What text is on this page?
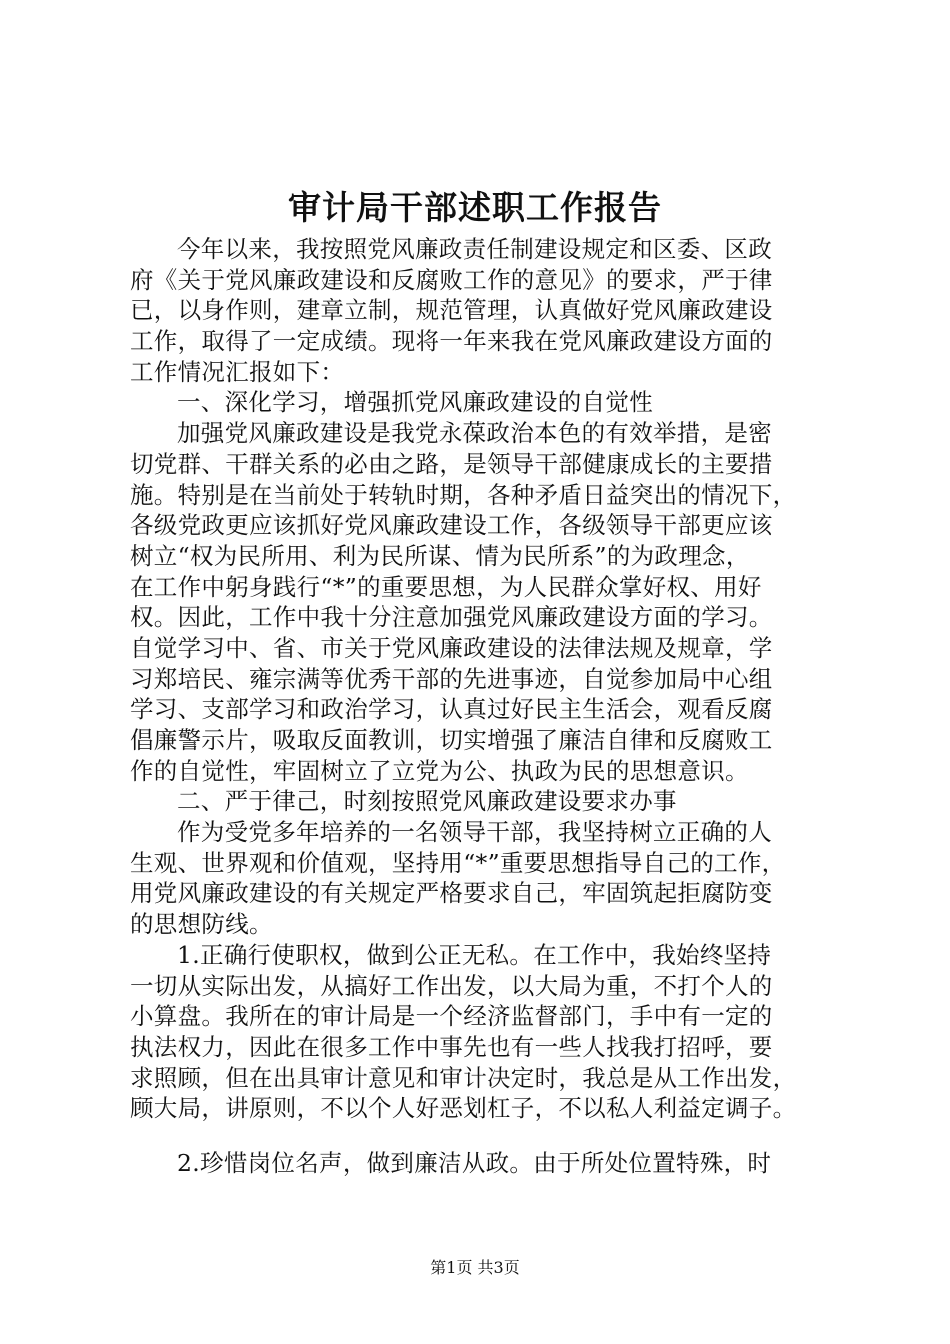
审计局干部述职工作报告
今年以来，我按照党风廉政责任制建设规定和区委、区政
府《关于党风廉政建设和反腐败工作的意见》的要求，严于律
已，以身作则，建章立制，规范管理，认真做好党风廉政建设
工作，取得了一定成绩。现将一年来我在党风廉政建设方面的
工作情况汇报如下：
一、深化学习，增强抓党风廉政建设的自觉性
加强党风廉政建设是我党永葆政治本色的有效举措，是密
切党群、干群关系的必由之路，是领导干部健康成长的主要措
施。特别是在当前处于转轨时期，各种矛盾日益突出的情况下，
各级党政更应该抓好党风廉政建设工作，各级领导干部更应该
树立“权为民所用、利为民所谋、情为民所系”的为政理念，
在工作中躬身践行“*”的重要思想，为人民群众掌好权、用好
权。因此，工作中我十分注意加强党风廉政建设方面的学习。
自觉学习中、省、市关于党风廉政建设的法律法规及规章，学
习郑培民、雍宗满等优秀干部的先进事迹，自觉参加局中心组
学习、支部学习和政治学习，认真过好民主生活会，观看反腐
倡廉警示片，吸取反面教训，切实增强了廉洁自律和反腐败工
作的自觉性，牢固树立了立党为公、执政为民的思想意识。
二、严于律己，时刻按照党风廉政建设要求办事
作为受党多年培养的一名领导干部，我坚持树立正确的人
生观、世界观和价值观，坚持用“*”重要思想指导自己的工作，
用党风廉政建设的有关规定严格要求自己，牢固筑起拒腐防变
的思想防线。
1.正确行使职权，做到公正无私。在工作中，我始终坚持
一切从实际出发，从搞好工作出发，以大局为重，不打个人的
小算盘。我所在的审计局是一个经济监督部门，手中有一定的
执法权力，因此在很多工作中事先也有一些人找我打招呼，要
求照顾，但在出具审计意见和审计决定时，我总是从工作出发，
顾大局，讲原则，不以个人好恶划杠子，不以私人利益定调子。
2.珍惜岗位名声，做到廉洁从政。由于所处位置特殊，时
第1页 共3页
